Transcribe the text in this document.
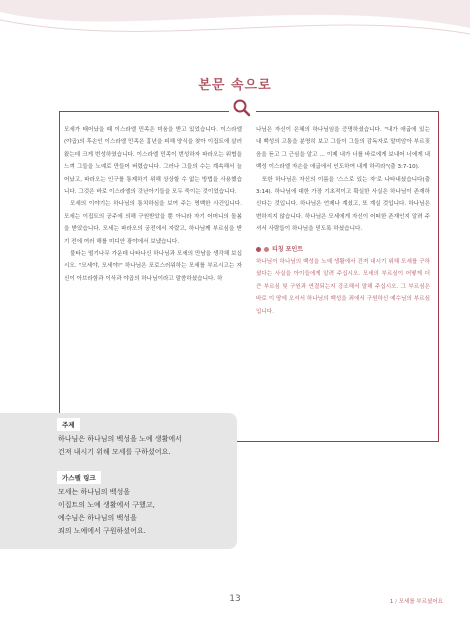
본문 속으로

모세가 태어났을 때 이스라엘 민족은 미움을 받고 있었습니다. 이스라엘(야곱)의 후손인 이스라엘 민족은 흉년을 피해 양식을 찾아 이집트에 살러 왔는데 크게 번성하였습니다. 이스라엘 민족이 번성하자 파라오는 위협을 느껴 그들을 노예로 만들어 버렸습니다. 그러나 그들의 수는 계속해서 늘어났고, 파라오는 인구를 통제하기 위해 상상할 수 없는 방법을 사용했습니다. 그것은 바로 이스라엘의 갓난아기들을 모두 죽이는 것이었습니다.

모세의 이야기는 하나님의 통치하심을 보여 주는 명백한 사건입니다. 모세는 이집트의 공주에 의해 구원받았을 뿐 아니라 자기 어머니의 돌봄을 받았습니다. 모세는 파라오의 궁전에서 자랐고, 하나님께 부르심을 받기 전에 여러 해를 미디안 광야에서 보냈습니다.

불타는 떨기나무 가운데 나타나신 하나님과 모세의 만남을 생각해 보십시오. "모세야, 모세야!" 하나님은 포로스러워하는 모세를 부르시고는 자신이 아브라함과 이삭과 야곱의 하나님이라고 말씀하셨습니다. 하

나님은 자신이 은혜의 하나님임을 증명하셨습니다. "내가 애굽에 있는 내 백성의 고통을 분명히 보고 그들이 그들의 감독자로 말미암아 부르짖음을 듣고 그 근심을 알고 … 이제 내가 너를 바로에게 보내어 너에게 내 백성 이스라엘 자손을 애굽에서 인도하여 내게 하리라"(출 3:7-10).

또한 하나님은 자신의 이름을 '스스로 있는 자'로 나타내셨습니다(출 3:14). 하나님에 대한 가장 기초적이고 확실한 사실은 하나님이 존재하신다는 것입니다. 하나님은 언제나 계셨고, 또 계실 것입니다. 하나님은 변하지지 않습니다. 하나님은 모세에게 자신이 어떠한 존재인지 알려 주셔서 사람들이 하나님을 믿도록 하셨습니다.

티칭 포인트

하나님이 하나님의 백성을 노예 생활에서 건져 내시기 위해 모세를 구하셨다는 사실을 아이들에게 알려 주십시오. 모세의 부르심이 어떻게 더 큰 부르심 및 구원과 연결되는지 강조해서 말해 주십시오. 그 부르심은 바로 이 땅에 오셔서 하나님의 백성을 죄에서 구원하신 예수님의 부르심입니다.

주제
하나님은 하나님의 백성을 노예 생활에서
건져 내시기 위해 모세를 구하셨어요.
가스펠 링크
모세는 하나님의 백성을
이집트의 노예 생활에서 구했고,
예수님은 하나님의 백성을
죄의 노예에서 구원하셨어요.
13	1 / 모세를 부르셨어요
